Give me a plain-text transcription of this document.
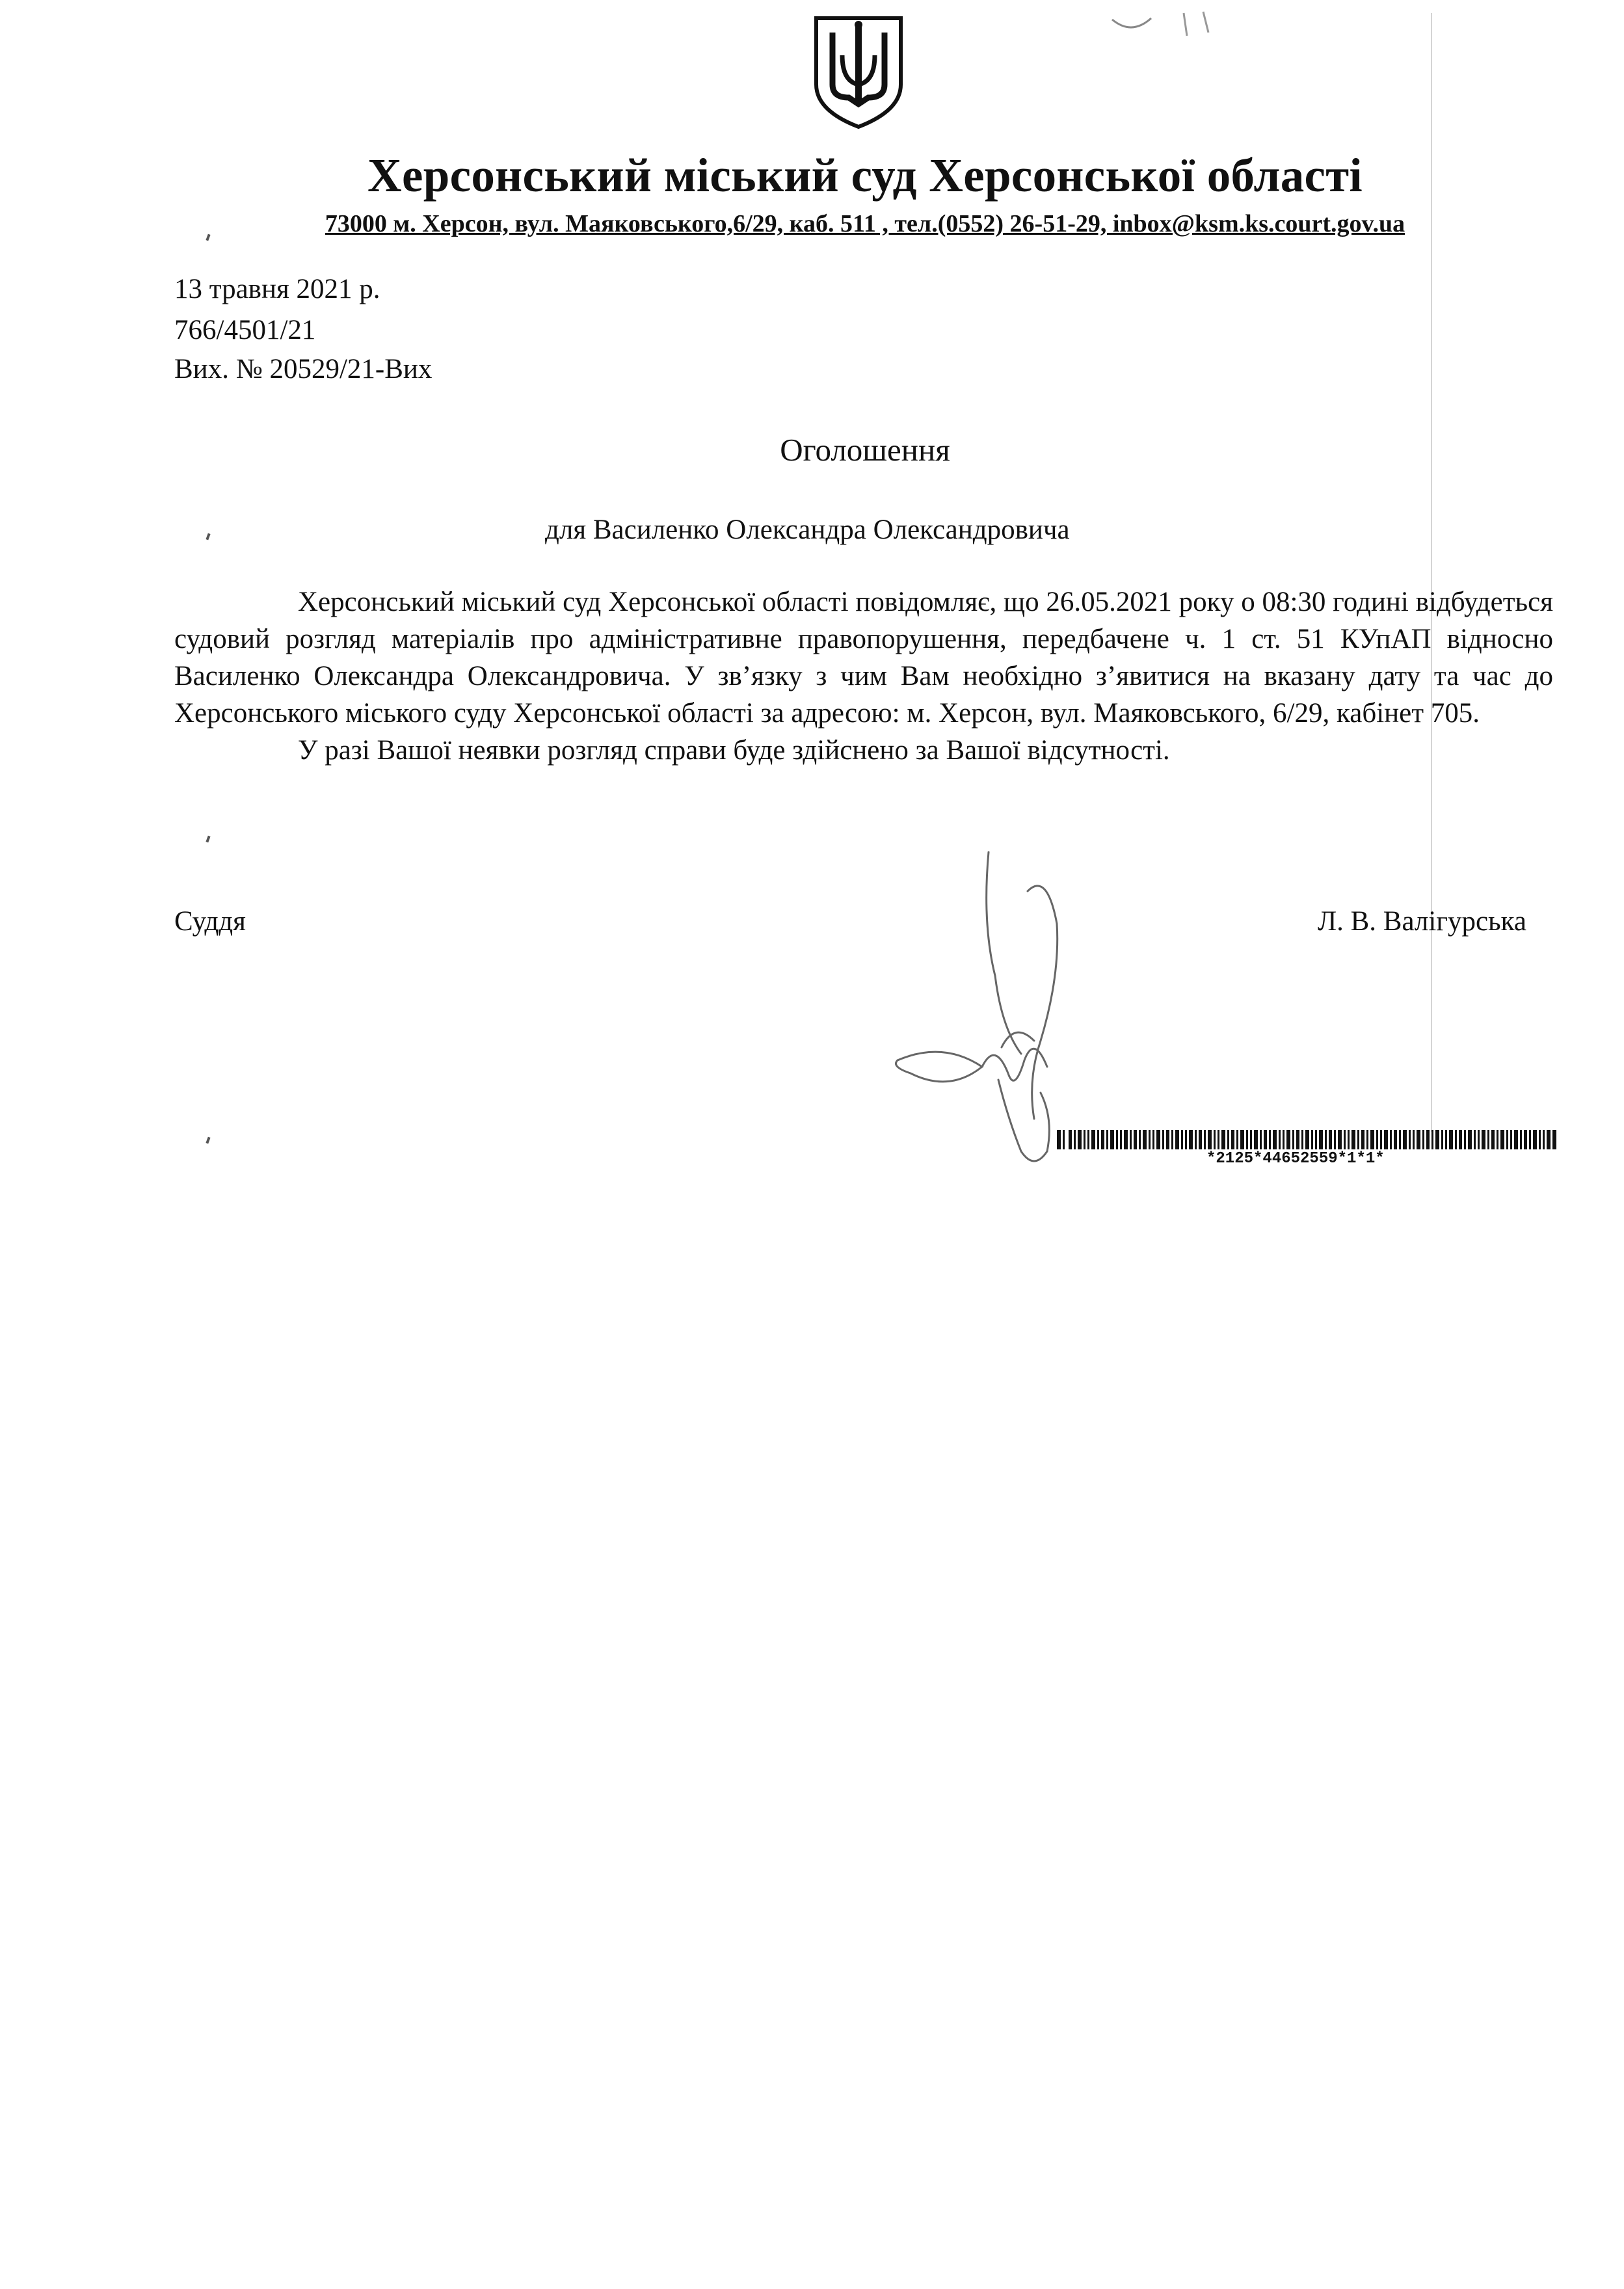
Херсонський міський суд Херсонської області
73000 м. Херсон, вул. Маяковського,6/29, каб. 511 , тел.(0552) 26-51-29, inbox@ksm.ks.court.gov.ua
13 травня 2021 р.
766/4501/21
Вих. № 20529/21-Вих
Оголошення
для Василенко Олександра Олександровича

Херсонський міський суд Херсонської області повідомляє, що 26.05.2021 року о 08:30 годині відбудеться судовий розгляд матеріалів про адміністративне правопорушення, передбачене ч. 1 ст. 51 КУпАП відносно Василенко Олександра Олександровича. У зв’язку з чим Вам необхідно з’явитися на вказану дату та час до Херсонського міського суду Херсонської області за адресою: м. Херсон, вул. Маяковського, 6/29, кабінет 705.

У разі Вашої неявки розгляд справи буде здійснено за Вашої відсутності.

Суддя	Л. В. Валігурська
*2125*44652559*1*1*
